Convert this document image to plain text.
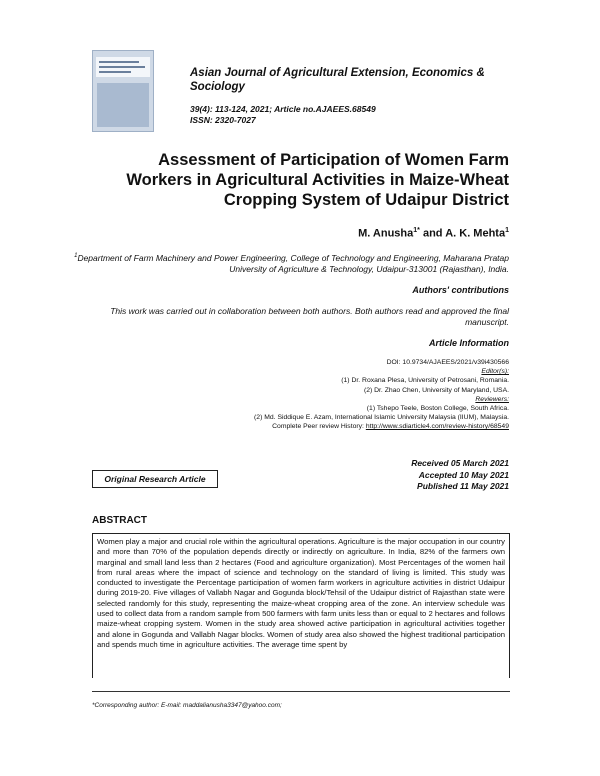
Asian Journal of Agricultural Extension, Economics & Sociology
39(4): 113-124, 2021; Article no.AJAEES.68549
ISSN: 2320-7027
Assessment of Participation of Women Farm Workers in Agricultural Activities in Maize-Wheat Cropping System of Udaipur District
M. Anusha$^{1*}$ and A. K. Mehta$^1$
$^1$Department of Farm Machinery and Power Engineering, College of Technology and Engineering, Maharana Pratap University of Agriculture & Technology, Udaipur-313001 (Rajasthan), India.
Authors' contributions
This work was carried out in collaboration between both authors. Both authors read and approved the final manuscript.
Article Information
DOI: 10.9734/AJAEES/2021/v39i430566
Editor(s):
(1) Dr. Roxana Plesa, University of Petrosani, Romania.
(2) Dr. Zhao Chen, University of Maryland, USA.
Reviewers:
(1) Tshepo Teele, Boston College, South Africa.
(2) Md. Siddique E. Azam, International Islamic University Malaysia (IIUM), Malaysia.
Complete Peer review History: http://www.sdiarticle4.com/review-history/68549
Original Research Article
Received 05 March 2021
Accepted 10 May 2021
Published 11 May 2021
ABSTRACT

Women play a major and crucial role within the agricultural operations. Agriculture is the major occupation in our country and more than 70% of the population depends directly or indirectly on agriculture. In India, 82% of the farmers own marginal and small land less than 2 hectares (Food and agriculture organization). Most Percentages of the women hail from rural areas where the impact of science and technology on the standard of living is limited. This study was conducted to investigate the Percentage participation of women farm workers in agriculture activities in district Udaipur during 2019-20. Five villages of Vallabh Nagar and Gogunda block/Tehsil of the Udaipur district of Rajasthan state were selected randomly for this study, representing the maize-wheat cropping area of the zone. An interview schedule was used to collect data from a random sample from 500 farmers with farm units less than or equal to 2 hectares and follows maize-wheat cropping system. Women in the study area showed active participation in agricultural activities together and alone in Gogunda and Vallabh Nagar blocks. Women of study area also showed the highest traditional participation and spends much time in agriculture activities. The average time spent by

*Corresponding author: E-mail: maddalianusha3347@yahoo.com;
